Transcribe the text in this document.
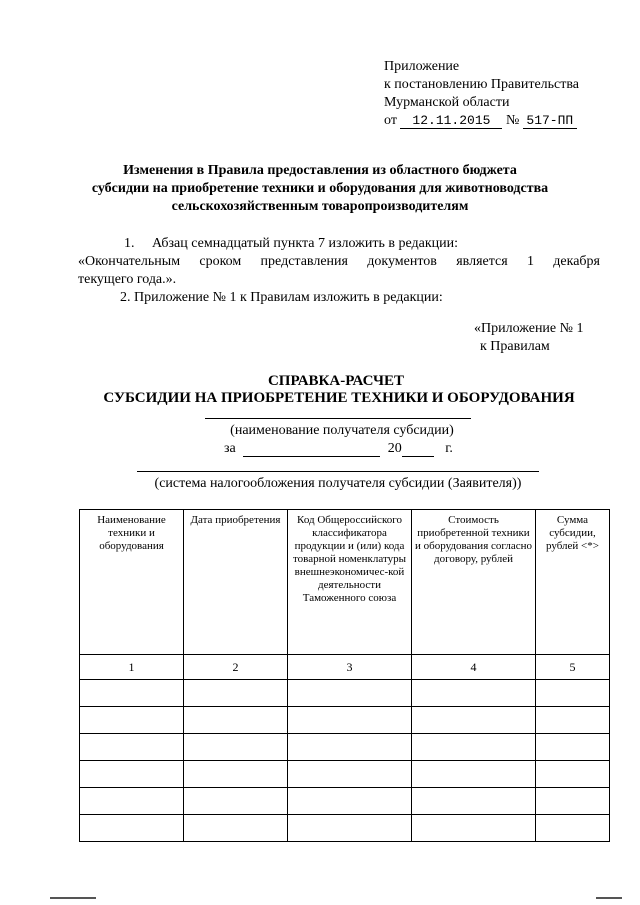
Приложение
к постановлению Правительства
Мурманской области
от 12.11.2015 № 517-ПП
Изменения в Правила предоставления из областного бюджета
субсидии на приобретение техники и оборудования для животноводства
сельскохозяйственным товаропроизводителям
1.     Абзац семнадцатый пункта 7 изложить в редакции:
«Окончательным сроком представления документов является 1 декабря
текущего года.».
2. Приложение № 1 к Правилам изложить в редакции:
«Приложение № 1
к Правилам
СПРАВКА-РАСЧЕТ
СУБСИДИИ НА ПРИОБРЕТЕНИЕ ТЕХНИКИ И ОБОРУДОВАНИЯ
(наименование получателя субсидии)
за	20	г.
(система налогообложения получателя субсидии (Заявителя))
Наименование техники и оборудования	Дата приобретения	Код Общероссийского классификатора продукции и (или) кода товарной номенклатуры внешнеэкономичес-кой деятельности Таможенного союза	Стоимость приобретенной техники и оборудования согласно договору, рублей	Сумма субсидии, рублей <*>
1	2	3	4	5
